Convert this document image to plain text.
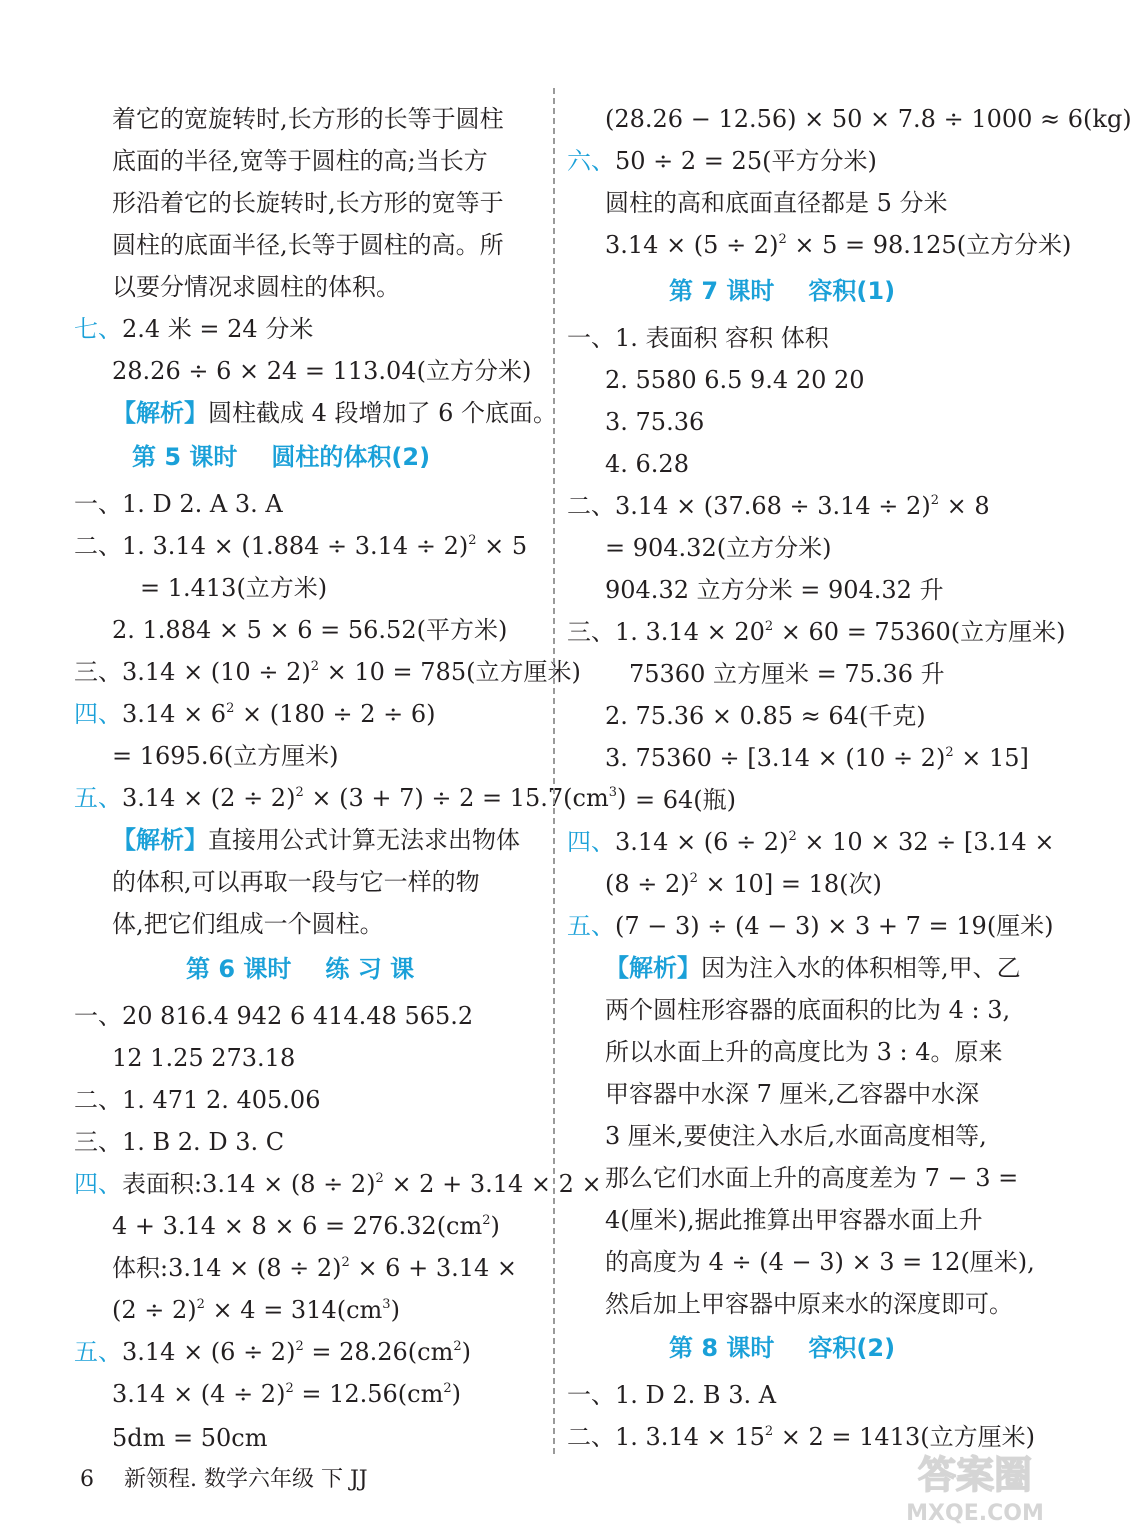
着它的宽旋转时,长方形的长等于圆柱
底面的半径,宽等于圆柱的高;当长方
形沿着它的长旋转时,长方形的宽等于
圆柱的底面半径,长等于圆柱的高。所
以要分情况求圆柱的体积。
七、2.4 米 = 24 分米
28.26 ÷ 6 × 24 = 113.04(立方分米)
【解析】圆柱截成 4 段增加了 6 个底面。
第 5 课时 圆柱的体积(2)
一、1. D 2. A 3. A
二、1. $3.14 \times (1.884 \div 3.14 \div 2)^2 \times 5$
= 1.413(立方米)
2. 1.884 × 5 × 6 = 56.52(平方米)
三、$3.14 \times (10 \div 2)^2 \times 10 = 785$(立方厘米)
四、$3.14 \times 6^2 \times (180 \div 2 \div 6)$
= 1695.6(立方厘米)
五、$3.14 \times (2 \div 2)^2 \times (3 + 7) \div 2 = 15.7(cm^3)$
【解析】直接用公式计算无法求出物体
的体积,可以再取一段与它一样的物
体,把它们组成一个圆柱。
第 6 课时 练 习 课
一、20 816.4 942 6 414.48 565.2
12 1.25 273.18
二、1. 471 2. 405.06
三、1. B 2. D 3. C
四、表面积:3.14 × $(8 \div 2)^2 \times 2 + 3.14 \times 2$ ×
$4 + 3.14 \times 8 \times 6 = 276.32(cm^2)$
体积:3.14 × $(8 \div 2)^2 \times 6 + 3.14$ ×
$(2 \div 2)^2 \times 4 = 314(cm^3)$
五、$3.14 \times (6 \div 2)^2 = 28.26(cm^2)$
$3.14 \times (4 \div 2)^2 = 12.56(cm^2)$
5dm = 50cm
(28.26 − 12.56) × 50 × 7.8 ÷ 1000 ≈ 6(kg)
六、50 ÷ 2 = 25(平方分米)
圆柱的高和底面直径都是 5 分米
$3.14 \times (5 \div 2)^2 \times 5 = 98.125$(立方分米)
第 7 课时 容积(1)
一、1. 表面积 容积 体积
2. 5580 6.5 9.4 20 20
3. 75.36
4. 6.28
二、$3.14 \times (37.68 \div 3.14 \div 2)^2 \times 8$
= 904.32(立方分米)
904.32 立方分米 = 904.32 升
三、1. $3.14 \times 20^2 \times 60 = 75360$(立方厘米)
75360 立方厘米 = 75.36 升
2. 75.36 × 0.85 ≈ 64(千克)
3. $75360 \div [3.14 \times (10 \div 2)^2 \times 15]$
= 64(瓶)
四、$3.14 \times (6 \div 2)^2 \times 10 \times 32 \div [3.14$ ×
$(8 \div 2)^2 \times 10] = 18$(次)
五、(7 − 3) ÷ (4 − 3) × 3 + 7 = 19(厘米)
【解析】因为注入水的体积相等,甲、乙
两个圆柱形容器的底面积的比为 4 : 3,
所以水面上升的高度比为 3 : 4。原来
甲容器中水深 7 厘米,乙容器中水深
3 厘米,要使注入水后,水面高度相等,
那么它们水面上升的高度差为 7 − 3 =
4(厘米),据此推算出甲容器水面上升
的高度为 4 ÷ (4 − 3) × 3 = 12(厘米),
然后加上甲容器中原来水的深度即可。
第 8 课时 容积(2)
一、1. D 2. B 3. A
二、1. $3.14 \times 15^2 \times 2 = 1413$(立方厘米)
6 新领程. 数学六年级 下 JJ	答案圈
MXQE.COM
